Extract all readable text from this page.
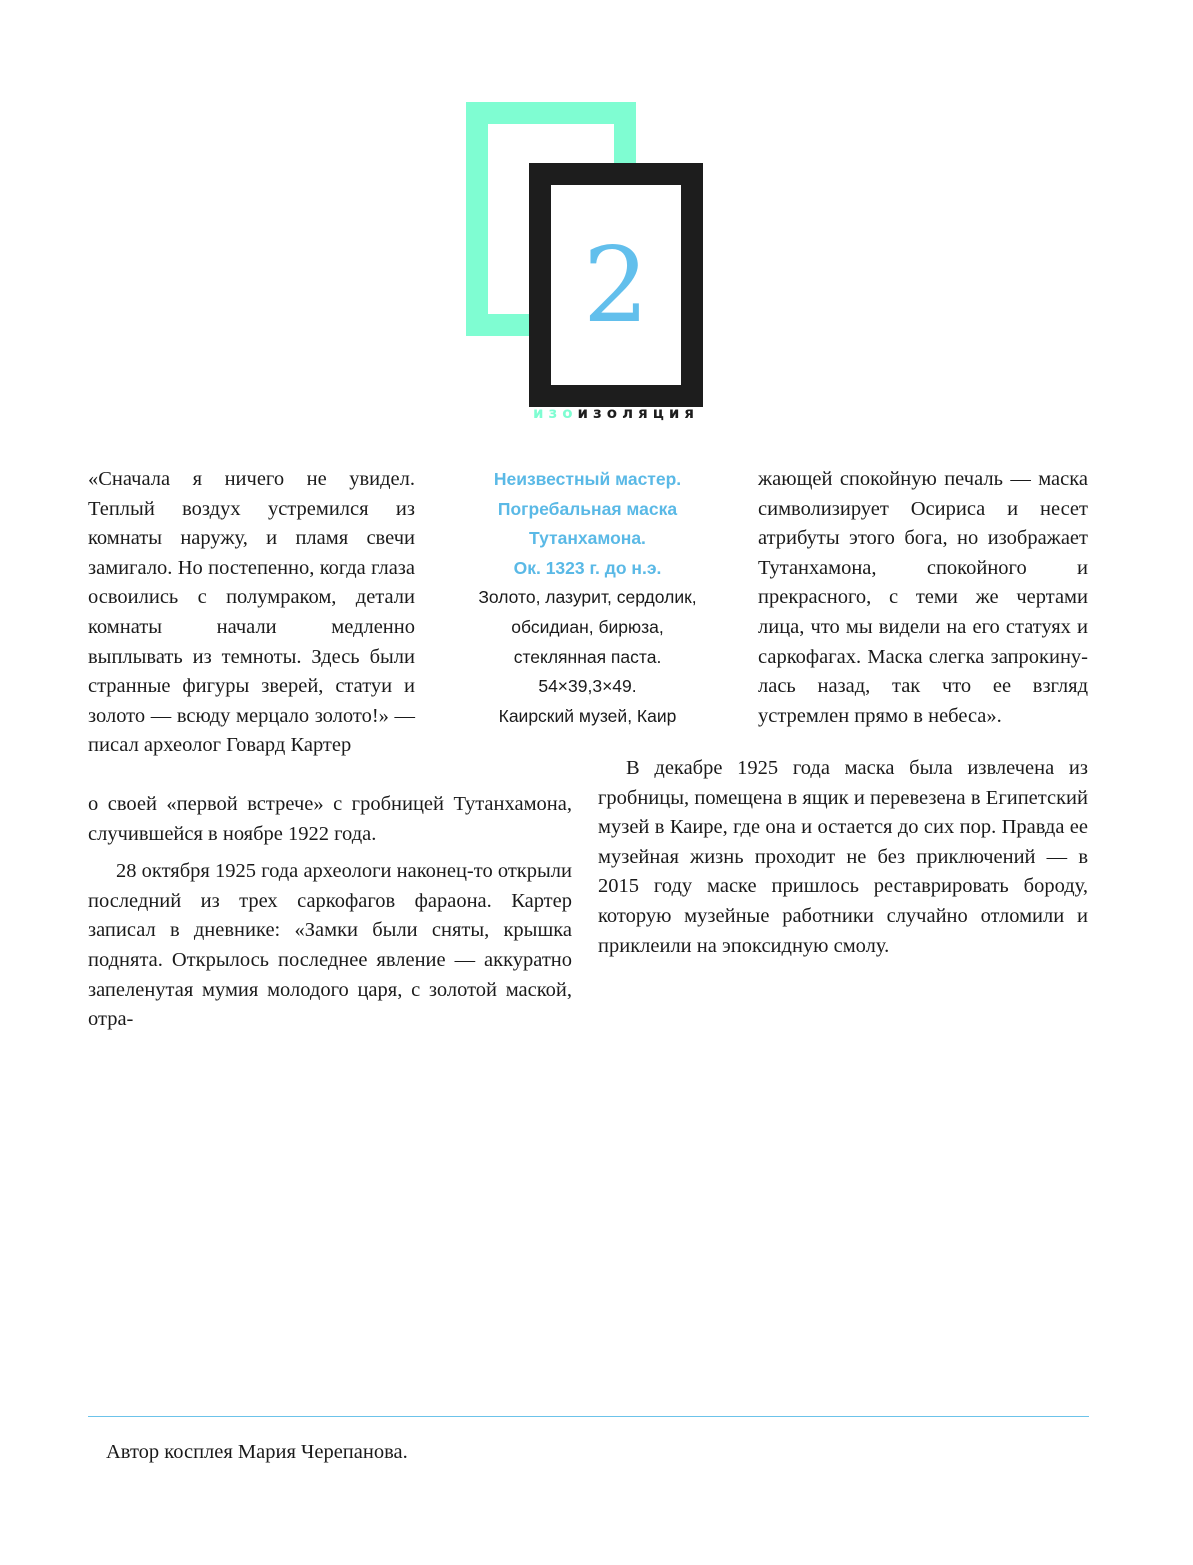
2
изоизоляция

«Сначала я ничего не увидел. Теплый воздух устремился из комнаты наружу, и пламя свечи замигало. Но постепенно, когда глаза освоились с полумраком, детали комнаты начали медленно выплывать из темноты. Здесь были странные фигуры зверей, статуи и золото — всюду мерцало золото!» — писал археолог Говард Картер

Неизвестный мастер.
Погребальная маска
Тутанхамона.
Ок. 1323 г. до н.э.
Золото, лазурит, сердолик,
обсидиан, бирюза,
стеклянная паста.
54×39,3×49.
Каирский музей, Каир

жающей спокойную печаль — маска символизирует Осириса и несет атрибуты этого бога, но изображает Тутанхамона, спокойного и прекрасного, с теми же чертами лица, что мы видели на его статуях и саркофагах. Маска слегка запрокинулась назад, так что ее взгляд устремлен прямо в небеса».

о своей «первой встрече» с гробницей Тутанхамона, случившейся в ноябре 1922 года.

28 октября 1925 года археологи наконец-то открыли последний из трех саркофагов фараона. Картер записал в дневнике: «Замки были сняты, крышка поднята. Открылось последнее явление — аккуратно запеленутая мумия молодого царя, с золотой маской, отра-

В декабре 1925 года маска была извлечена из гробницы, помещена в ящик и перевезена в Египетский музей в Каире, где она и остается до сих пор. Правда ее музейная жизнь проходит не без приключений — в 2015 году маске пришлось реставрировать бороду, которую музейные работники случайно отломили и приклеили на эпоксидную смолу.

Автор косплея Мария Черепанова.
